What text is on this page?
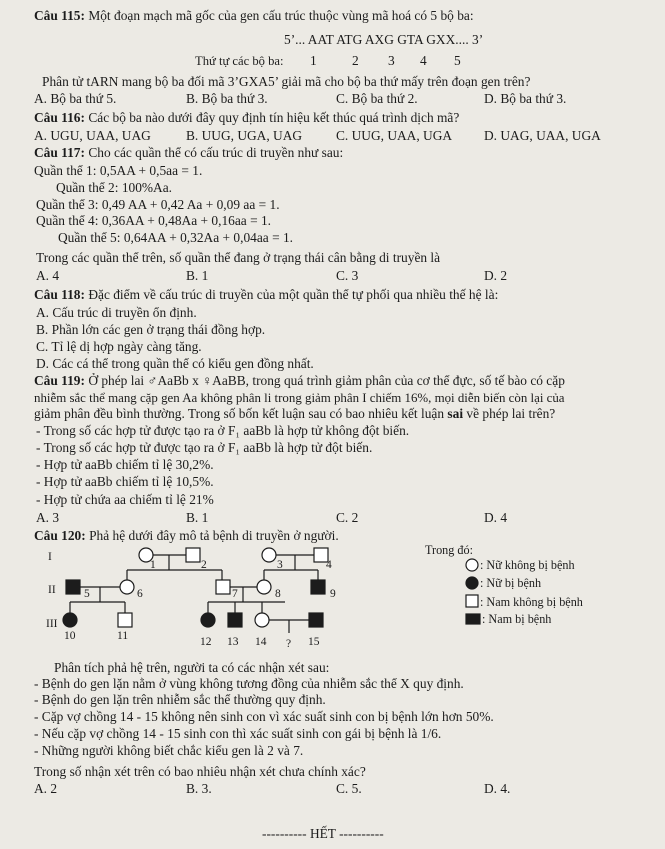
Câu 115: Một đoạn mạch mã gốc của gen cấu trúc thuộc vùng mã hoá có 5 bộ ba:
5’... AAT ATG AXG GTA GXX.... 3’
Thứ tự các bộ ba: 1	2 3 4 5
Phân tử tARN mang bộ ba đối mã 3’GXA5’ giải mã cho bộ ba thứ mấy trên đoạn gen trên?
A. Bộ ba thứ 5.	B. Bộ ba thứ 3.	C. Bộ ba thứ 2.	D. Bộ ba thứ 3.
Câu 116: Các bộ ba nào dưới đây quy định tín hiệu kết thúc quá trình dịch mã?
A. UGU, UAA, UAG	B. UUG, UGA, UAG	C. UUG, UAA, UGA D. UAG, UAA, UGA
Câu 117: Cho các quần thể có cấu trúc di truyền như sau:
Quần thể 1: 0,5AA + 0,5aa = 1.
Quần thể 2: 100%Aa.
Quần thể 3: 0,49 AA + 0,42 Aa + 0,09 aa = 1.
Quần thể 4: 0,36AA + 0,48Aa + 0,16aa = 1.
Quần thể 5: 0,64AA + 0,32Aa + 0,04aa = 1.
Trong các quần thể trên, số quần thể đang ở trạng thái cân bằng di truyền là
A. 4	B. 1	C. 3	D. 2
Câu 118: Đặc điểm về cấu trúc di truyền của một quần thể tự phối qua nhiều thế hệ là:
A. Cấu trúc di truyền ổn định.
B. Phần lớn các gen ở trạng thái đồng hợp.
C. Tỉ lệ dị hợp ngày càng tăng.
D. Các cá thể trong quần thể có kiểu gen đồng nhất.
Câu 119: Ở phép lai ♂AaBb x ♀AaBB, trong quá trình giảm phân của cơ thể đực, số tế bào có cặp
nhiễm sắc thể mang cặp gen Aa không phân li trong giảm phân I chiếm 16%, mọi diễn biến còn lại của
giảm phân đều bình thường. Trong số bốn kết luận sau có bao nhiêu kết luận sai về phép lai trên?
- Trong số các hợp tử được tạo ra ở F₁ aaBb là hợp tử không đột biến.
- Trong số các hợp tử được tạo ra ở F₁ aaBb là hợp tử đột biến.
- Hợp tử aaBb chiếm tỉ lệ 30,2%.
- Hợp tử aaBb chiếm tỉ lệ 10,5%.
- Hợp tử chứa aa chiếm tỉ lệ 21%
A. 3	B. 1	C. 2	D. 4
Câu 120: Phả hệ dưới đây mô tả bệnh di truyền ở người.
I
II
III
1	2	3	4
5	6	7	8	9
10	11	12 13 14 ? 15
Trong đó:
: Nữ không bị bệnh
: Nữ bị bệnh
: Nam không bị bệnh
: Nam bị bệnh
Phân tích phả hệ trên, người ta có các nhận xét sau:
- Bệnh do gen lặn nằm ở vùng không tương đồng của nhiễm sắc thể X quy định.
- Bệnh do gen lặn trên nhiễm sắc thể thường quy định.
- Cặp vợ chồng 14 - 15 không nên sinh con vì xác suất sinh con bị bệnh lớn hơn 50%.
- Nếu cặp vợ chồng 14 - 15 sinh con thì xác suất sinh con gái bị bệnh là 1/6.
- Những người không biết chắc kiểu gen là 2 và 7.
Trong số nhận xét trên có bao nhiêu nhận xét chưa chính xác?
A. 2	B. 3.	C. 5.	D. 4.
---------- HẾT ----------
